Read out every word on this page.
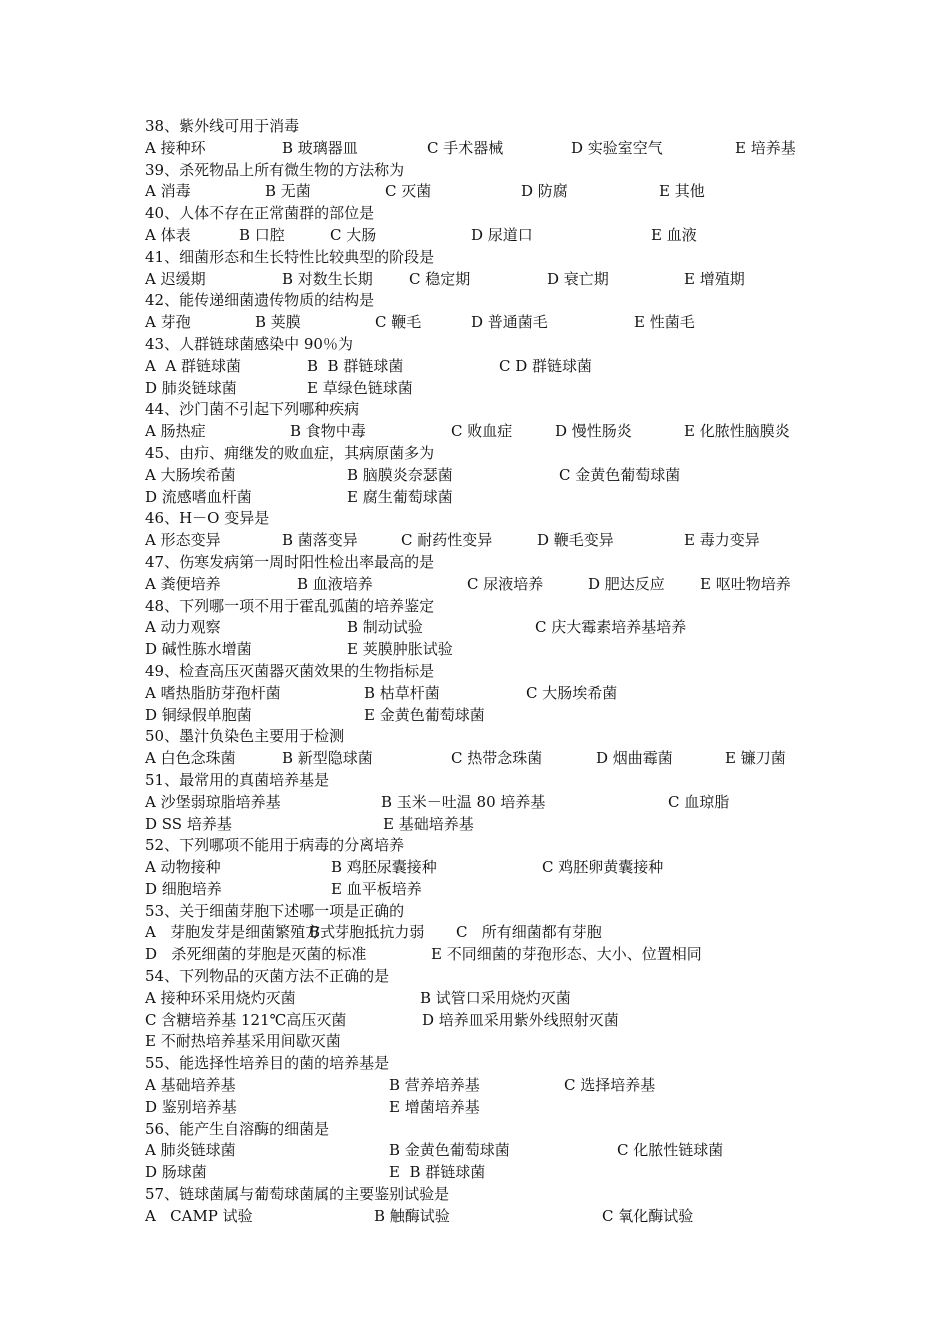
38、紫外线可用于消毒
A 接种环	B 玻璃器皿	C 手术器械	D 实验室空气	E 培养基
39、杀死物品上所有微生物的方法称为
A 消毒	B 无菌	C 灭菌	D 防腐	E 其他
40、人体不存在正常菌群的部位是
A 体表	B 口腔	C 大肠	D 尿道口	E 血液
41、细菌形态和生长特性比较典型的阶段是
A 迟缓期	B 对数生长期 C 稳定期	D 衰亡期	E 增殖期
42、能传递细菌遗传物质的结构是
A 芽孢	B 荚膜	C 鞭毛	D 普通菌毛	E 性菌毛
43、人群链球菌感染中 90％为
A  A 群链球菌	B  B 群链球菌	C D 群链球菌
D 肺炎链球菌	E 草绿色链球菌
44、沙门菌不引起下列哪种疾病
A 肠热症	B 食物中毒	C 败血症	D 慢性肠炎	E 化脓性脑膜炎
45、由疖、痈继发的败血症，其病原菌多为
A 大肠埃希菌	B 脑膜炎奈瑟菌	C 金黄色葡萄球菌
D 流感嗜血杆菌	E 腐生葡萄球菌
46、H－O 变异是
A 形态变异	B 菌落变异	C 耐药性变异	D 鞭毛变异	E 毒力变异
47、伤寒发病第一周时阳性检出率最高的是
A 粪便培养	B 血液培养	C 尿液培养	D 肥达反应 E 呕吐物培养
48、下列哪一项不用于霍乱弧菌的培养鉴定
A 动力观察	B 制动试验	C 庆大霉素培养基培养
D 碱性胨水增菌	E 荚膜肿胀试验
49、检查高压灭菌器灭菌效果的生物指标是
A 嗜热脂肪芽孢杆菌	B 枯草杆菌	C 大肠埃希菌
D 铜绿假单胞菌	E 金黄色葡萄球菌
50、墨汁负染色主要用于检测
A 白色念珠菌	B 新型隐球菌	C 热带念珠菌	D 烟曲霉菌	E 镰刀菌
51、最常用的真菌培养基是
A 沙堡弱琼脂培养基	B 玉米－吐温 80 培养基	C 血琼脂
D SS 培养基	E 基础培养基
52、下列哪项不能用于病毒的分离培养
A 动物接种	B 鸡胚尿囊接种	C 鸡胚卵黄囊接种
D 细胞培养	E 血平板培养
53、关于细菌芽胞下述哪一项是正确的
A   芽胞发芽是细菌繁殖方式
B   芽胞抵抗力弱 C   所有细菌都有芽胞
D   杀死细菌的芽胞是灭菌的标准	E 不同细菌的芽孢形态、大小、位置相同
54、下列物品的灭菌方法不正确的是
A 接种环采用烧灼灭菌	B 试管口采用烧灼灭菌
C 含糖培养基 121℃高压灭菌	D 培养皿采用紫外线照射灭菌
E 不耐热培养基采用间歇灭菌
55、能选择性培养目的菌的培养基是
A 基础培养基	B 营养培养基	C 选择培养基
D 鉴别培养基	E 增菌培养基
56、能产生自溶酶的细菌是
A 肺炎链球菌	B 金黄色葡萄球菌	C 化脓性链球菌
D 肠球菌	E  B 群链球菌
57、链球菌属与葡萄球菌属的主要鉴别试验是
A   CAMP 试验	B 触酶试验	C 氧化酶试验
